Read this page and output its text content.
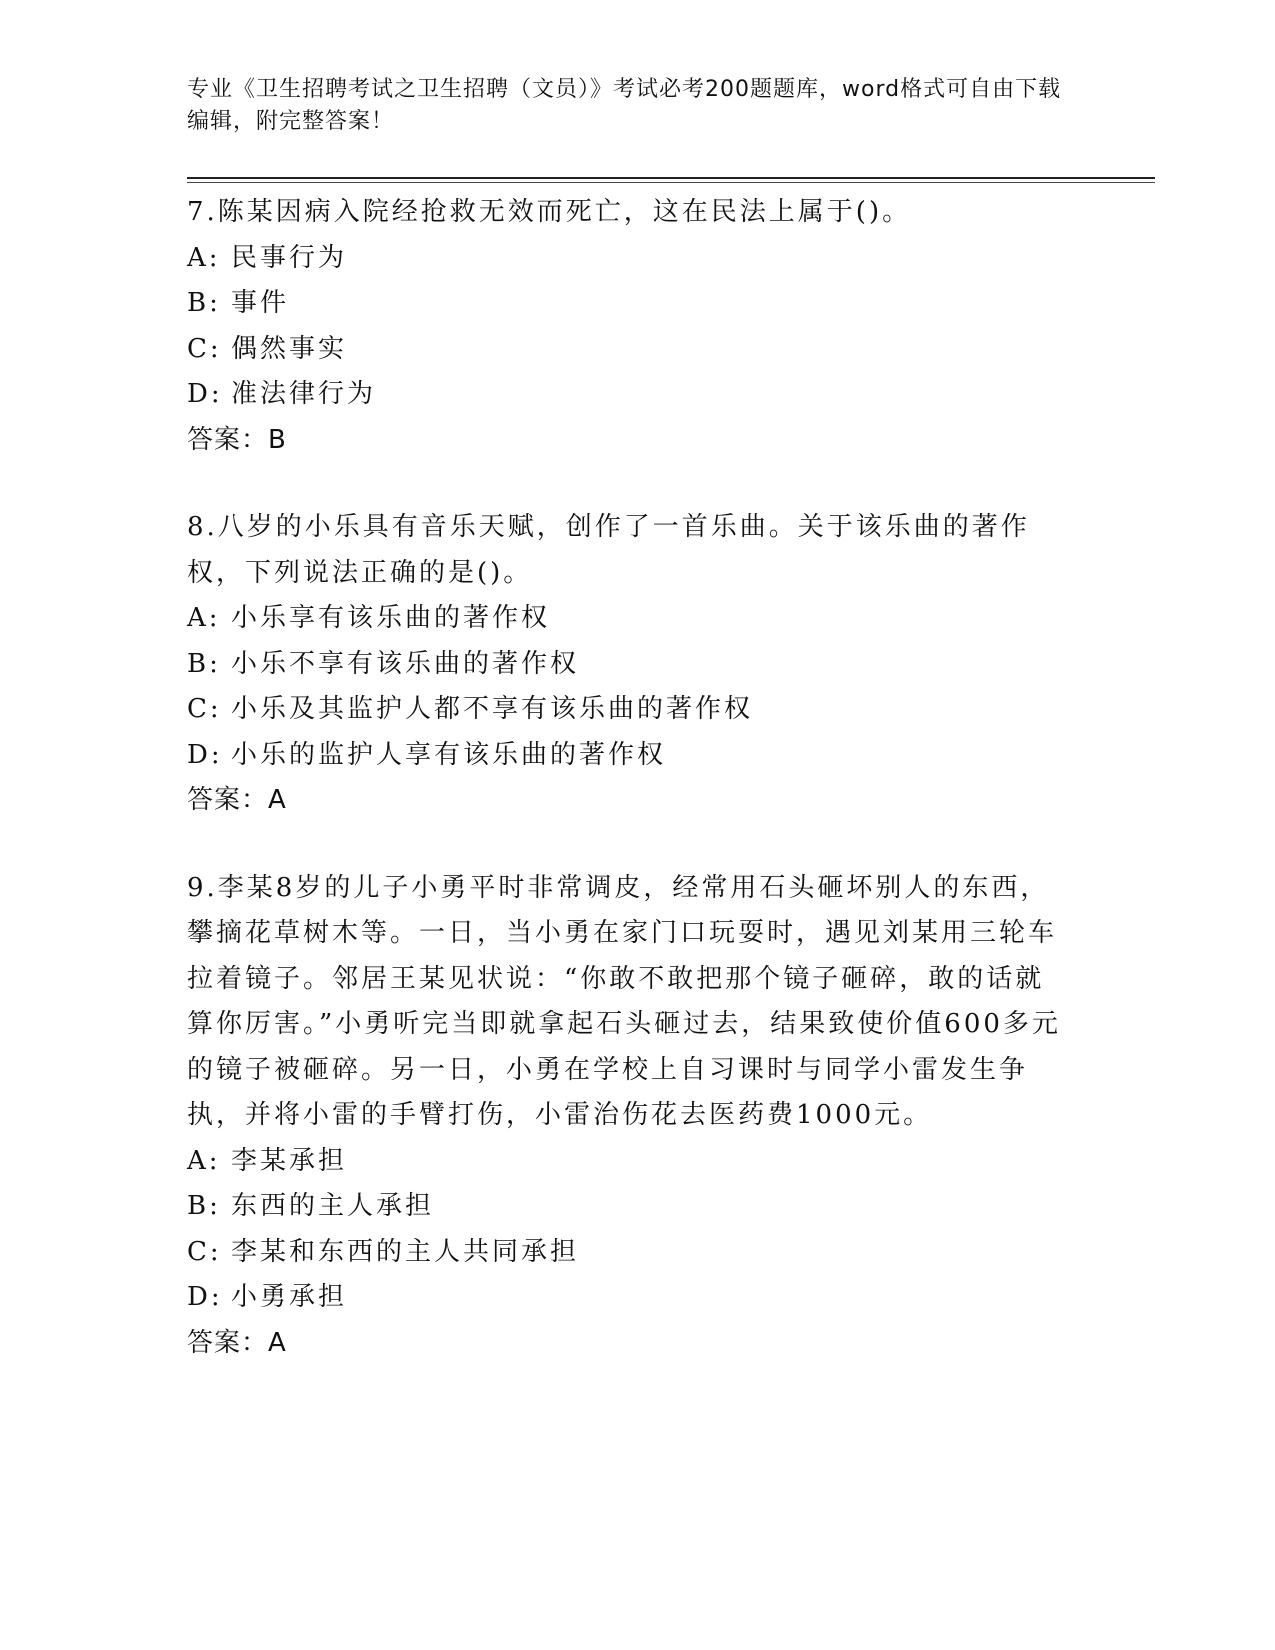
专业《卫生招聘考试之卫生招聘（文员）》考试必考200题题库，word格式可自由下载编辑，附完整答案！

7.陈某因病入院经抢救无效而死亡，这在民法上属于()。

A: 民事行为

B: 事件

C: 偶然事实

D: 准法律行为

答案：B

8.八岁的小乐具有音乐天赋，创作了一首乐曲。关于该乐曲的著作权，下列说法正确的是()。

A: 小乐享有该乐曲的著作权

B: 小乐不享有该乐曲的著作权

C: 小乐及其监护人都不享有该乐曲的著作权

D: 小乐的监护人享有该乐曲的著作权

答案：A

9.李某8岁的儿子小勇平时非常调皮，经常用石头砸坏别人的东西，攀摘花草树木等。一日，当小勇在家门口玩耍时，遇见刘某用三轮车拉着镜子。邻居王某见状说：“你敢不敢把那个镜子砸碎，敢的话就算你厉害。”小勇听完当即就拿起石头砸过去，结果致使价值600多元的镜子被砸碎。另一日，小勇在学校上自习课时与同学小雷发生争执，并将小雷的手臂打伤，小雷治伤花去医药费1000元。

A: 李某承担

B: 东西的主人承担

C: 李某和东西的主人共同承担

D: 小勇承担

答案：A
